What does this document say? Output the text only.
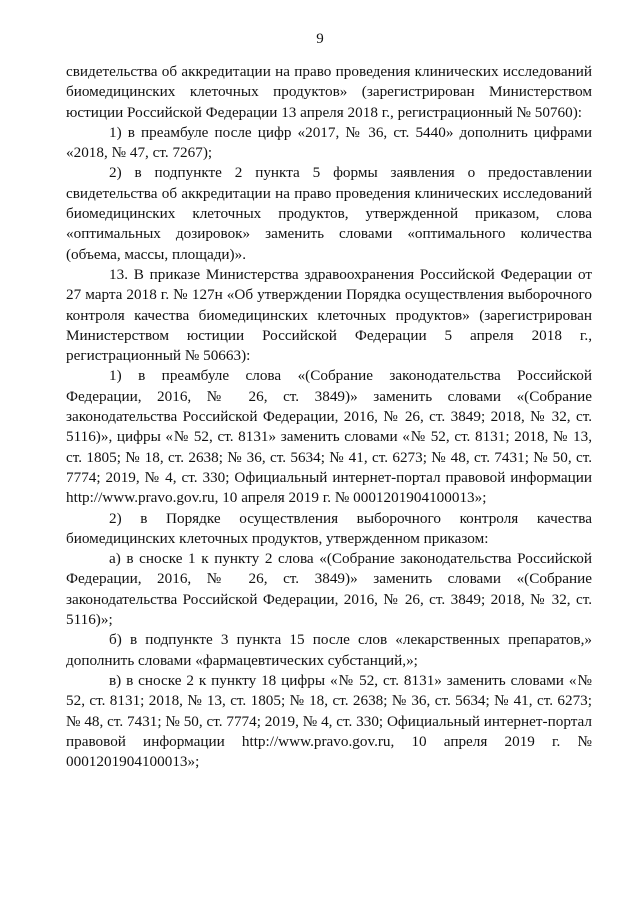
9

свидетельства об аккредитации на право проведения клинических исследований биомедицинских клеточных продуктов» (зарегистрирован Министерством юстиции Российской Федерации 13 апреля 2018 г., регистрационный № 50760):

1) в преамбуле после цифр «2017, № 36, ст. 5440» дополнить цифрами «2018, № 47, ст. 7267);

2) в подпункте 2 пункта 5 формы заявления о предоставлении свидетельства об аккредитации на право проведения клинических исследований биомедицинских клеточных продуктов, утвержденной приказом, слова «оптимальных дозировок» заменить словами «оптимального количества (объема, массы, площади)».

13. В приказе Министерства здравоохранения Российской Федерации от 27 марта 2018 г. № 127н «Об утверждении Порядка осуществления выборочного контроля качества биомедицинских клеточных продуктов» (зарегистрирован Министерством юстиции Российской Федерации 5 апреля 2018 г., регистрационный № 50663):

1) в преамбуле слова «(Собрание законодательства Российской Федерации, 2016, № 26, ст. 3849)» заменить словами «(Собрание законодательства Российской Федерации, 2016, № 26, ст. 3849; 2018, № 32, ст. 5116)», цифры «№ 52, ст. 8131» заменить словами «№ 52, ст. 8131; 2018, № 13, ст. 1805; № 18, ст. 2638; № 36, ст. 5634; № 41, ст. 6273; № 48, ст. 7431; № 50, ст. 7774; 2019, № 4, ст. 330; Официальный интернет-портал правовой информации http://www.pravo.gov.ru, 10 апреля 2019 г. № 0001201904100013»;

2) в Порядке осуществления выборочного контроля качества биомедицинских клеточных продуктов, утвержденном приказом:

а) в сноске 1 к пункту 2 слова «(Собрание законодательства Российской Федерации, 2016, № 26, ст. 3849)» заменить словами «(Собрание законодательства Российской Федерации, 2016, № 26, ст. 3849; 2018, № 32, ст. 5116)»;

б) в подпункте 3 пункта 15 после слов «лекарственных препаратов,» дополнить словами «фармацевтических субстанций,»;

в) в сноске 2 к пункту 18 цифры «№ 52, ст. 8131» заменить словами «№ 52, ст. 8131; 2018, № 13, ст. 1805; № 18, ст. 2638; № 36, ст. 5634; № 41, ст. 6273; № 48, ст. 7431; № 50, ст. 7774; 2019, № 4, ст. 330; Официальный интернет-портал правовой информации http://www.pravo.gov.ru, 10 апреля 2019 г. № 0001201904100013»;
